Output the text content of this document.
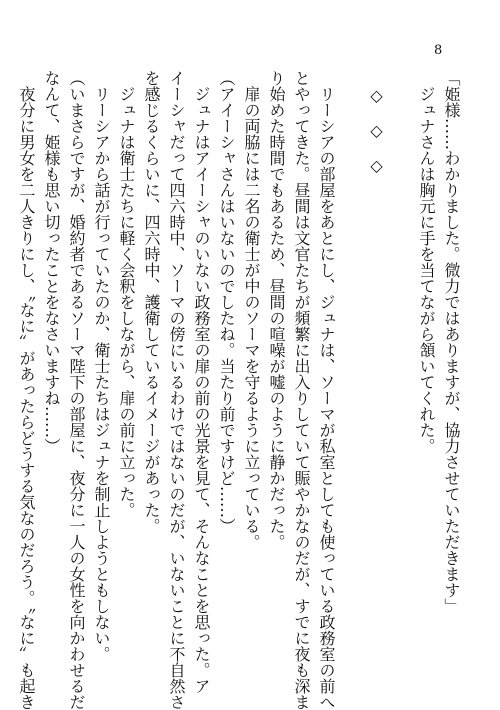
8
「姫様……わかりました。微力ではありますが、協力させていただきます」
　ジュナさんは胸元に手を当てながら頷いてくれた。
　◇　◇　◇
　リーシアの部屋をあとにし、ジュナは、ソーマが私室としても使っている政務室の前へ
とやってきた。昼間は文官たちが頻繁に出入りしていて賑やかなのだが、すでに夜も深ま
り始めた時間でもあるため、昼間の喧噪が嘘のように静かだった。
　扉の両脇には二名の衛士が中のソーマを守るように立っている。
（アイーシャさんはいないのでしたね。当たり前ですけど……）
　ジュナはアイーシャのいない政務室の扉の前の光景を見て、そんなことを思った。ア
イーシャだって四六時中、ソーマの傍にいるわけではないのだが、いないことに不自然さ
を感じるくらいに、四六時中、護衛しているイメージがあった。
　ジュナは衛士たちに軽く会釈をしながら、扉の前に立った。
　リーシアから話が行っていたのか、衛士たちはジュナを制止しようともしない。
（いまさらですが、婚約者であるソーマ陛下の部屋に、夜分に一人の女性を向かわせるだ
なんて、姫様も思い切ったことをなさいますね……）
　夜分に男女を二人きりにし、〝なに〟があったらどうする気なのだろう。〝なに〟も起き
